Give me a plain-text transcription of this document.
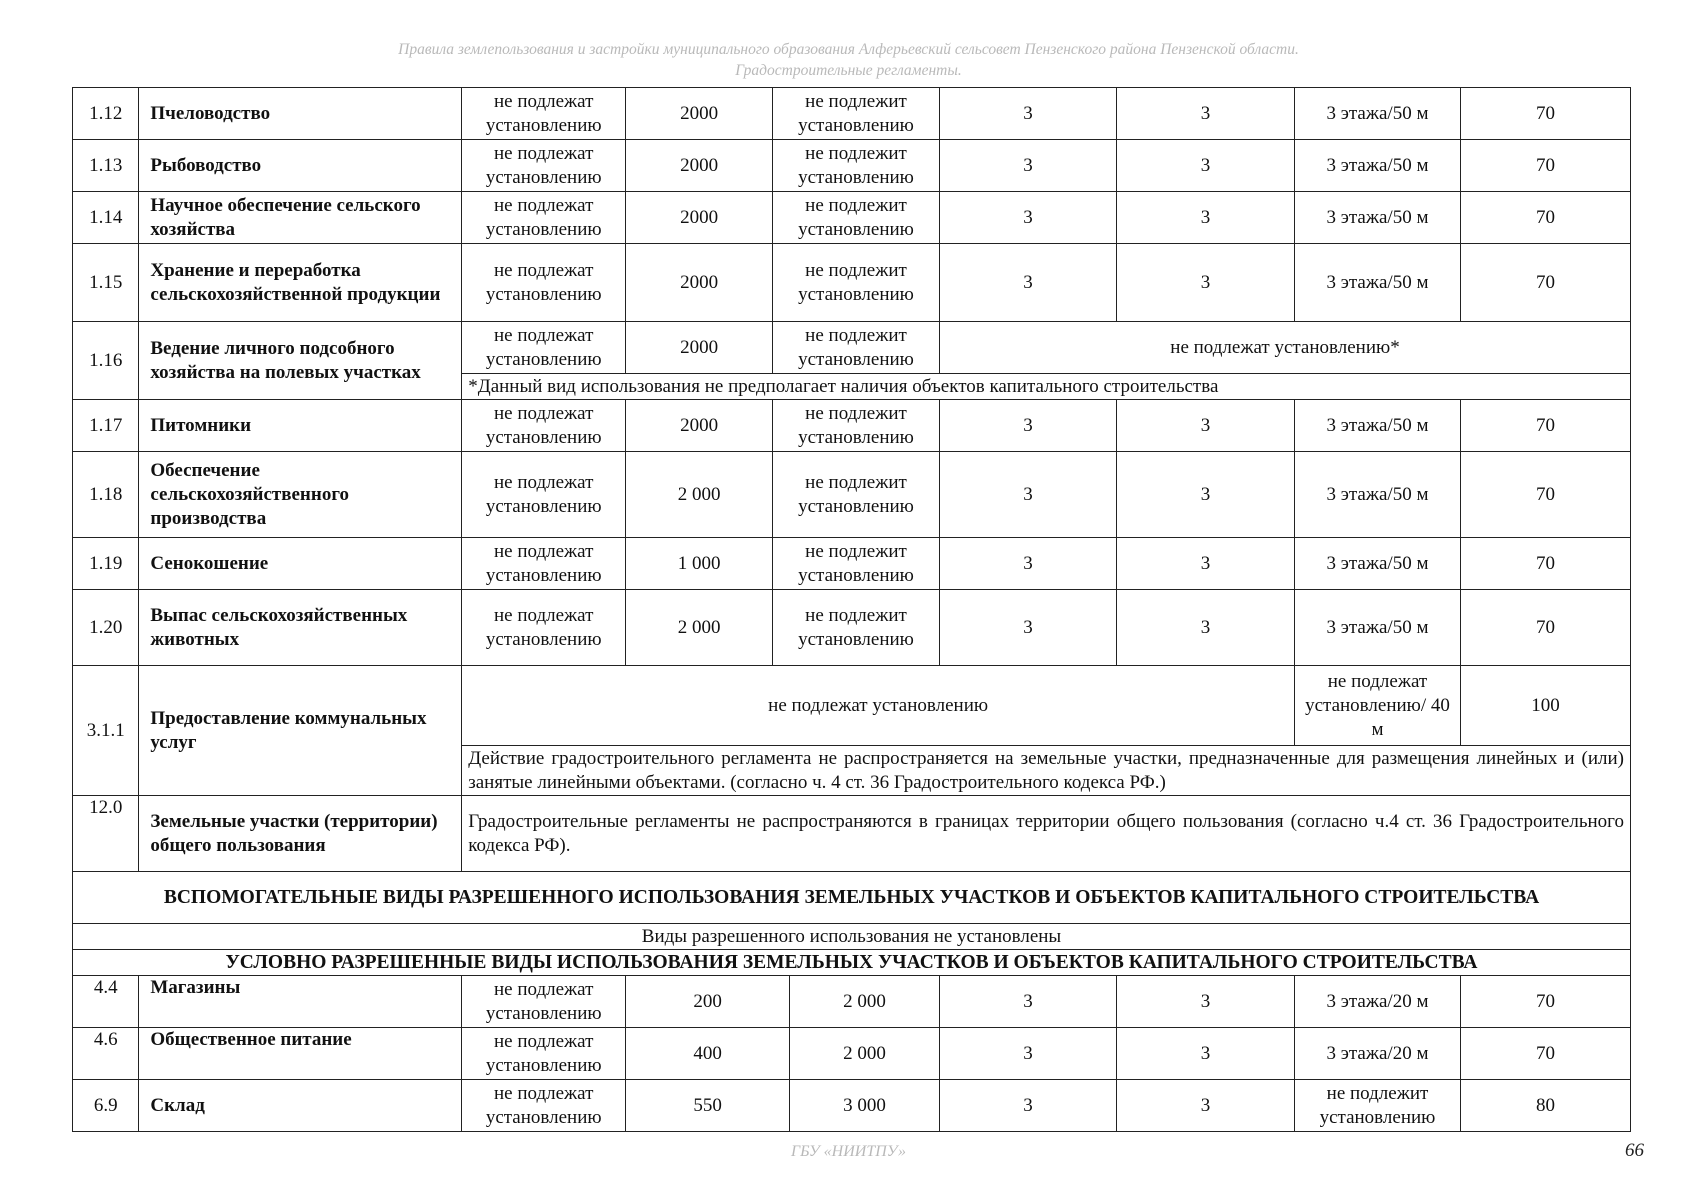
Правила землепользования и застройки муниципального образования Алферьевский сельсовет Пензенского района Пензенской области.
Градостроительные регламенты.
1.12	Пчеловодство	не подлежат установлению	2000	не подлежит установлению		3	3	3 этажа/50 м	70
1.13	Рыбоводство	не подлежат установлению	2000	не подлежит установлению		3	3	3 этажа/50 м	70
1.14	Научное обеспечение сельского хозяйства	не подлежат установлению	2000	не подлежит установлению		3	3	3 этажа/50 м	70
1.15	Хранение и переработка сельскохозяйственной продукции	не подлежат установлению	2000	не подлежит установлению		3	3	3 этажа/50 м	70
1.16	Ведение личного подсобного хозяйства на полевых участках	не подлежат установлению	2000	не подлежит установлению		не подлежат установлению*			
		*Данный вид использования не предполагает наличия объектов капитального строительства							
1.17	Питомники	не подлежат установлению	2000	не подлежит установлению		3	3	3 этажа/50 м	70
1.18	Обеспечение сельскохозяйственного производства	не подлежат установлению	2 000	не подлежит установлению		3	3	3 этажа/50 м	70
1.19	Сенокошение	не подлежат установлению	1 000	не подлежит установлению		3	3	3 этажа/50 м	70
1.20	Выпас сельскохозяйственных животных	не подлежат установлению	2 000	не подлежит установлению		3	3	3 этажа/50 м	70
3.1.1	Предоставление коммунальных услуг	не подлежат установлению						не подлежат установлению/ 40 м	100
		Действие градостроительного регламента не распространяется на земельные участки, предназначенные для размещения линейных и (или) занятые линейными объектами. (согласно ч. 4 ст. 36 Градостроительного кодекса РФ.)							
12.0	Земельные участки (территории) общего пользования	Градостроительные регламенты не распространяются в границах территории общего пользования (согласно ч.4 ст. 36 Градостроительного кодекса РФ).							
ВСПОМОГАТЕЛЬНЫЕ ВИДЫ РАЗРЕШЕННОГО ИСПОЛЬЗОВАНИЯ ЗЕМЕЛЬНЫХ УЧАСТКОВ И ОБЪЕКТОВ КАПИТАЛЬНОГО СТРОИТЕЛЬСТВА									
Виды разрешенного использования не установлены									
УСЛОВНО РАЗРЕШЕННЫЕ ВИДЫ ИСПОЛЬЗОВАНИЯ ЗЕМЕЛЬНЫХ УЧАСТКОВ И ОБЪЕКТОВ КАПИТАЛЬНОГО СТРОИТЕЛЬСТВА									
4.4	Магазины	не подлежат установлению	200		2 000	3	3	3 этажа/20 м	70
4.6	Общественное питание	не подлежат установлению	400		2 000	3	3	3 этажа/20 м	70
6.9	Склад	не подлежат установлению	550		3 000	3	3	не подлежит установлению	80
ГБУ «НИИТПУ»	66
